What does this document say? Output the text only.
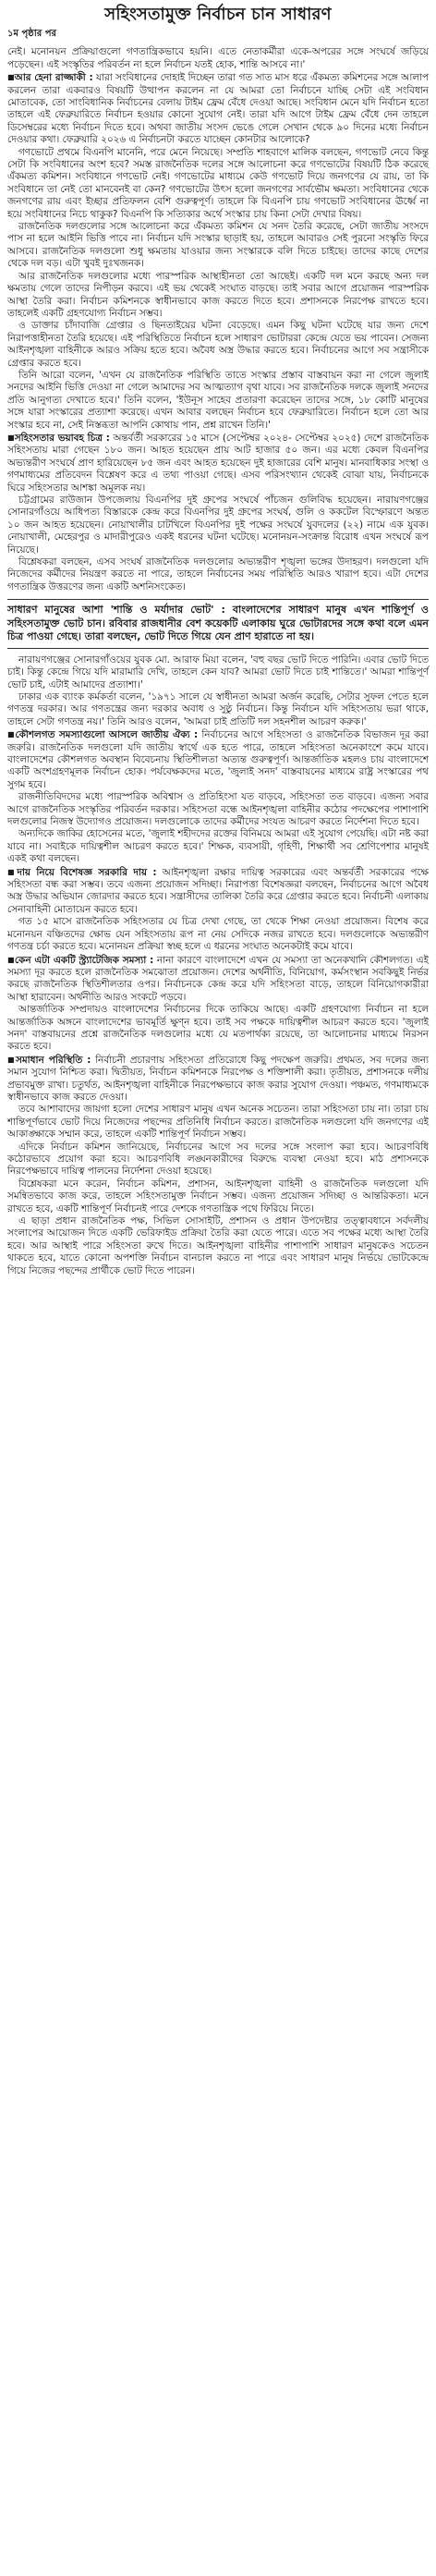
সহিংসতামুক্ত নির্বাচন চান সাধারণ
১ম পৃষ্ঠার পর

নেই। মনোনয়ন প্রক্রিয়াগুলো গণতান্ত্রিকভাবে হয়নি। এতে নেতাকর্মীরা একে-অপরের সঙ্গে সংঘর্ষে জড়িয়ে পড়েছেন। এই সংস্কৃতির পরিবর্তন না হলে নির্বাচন যতই হোক, শান্তি আসবে না।'

■ আর হেনা রাজ্জাকী : যারা সংবিধানের দোহাই দিচ্ছেন তারা গত সাত মাস ধরে এঁকমত্য কমিশনের সঙ্গে আলাপ করলেন তারা একবারও বিষয়টি উত্থাপন করলেন না যে আমরা তো নির্বাচনে যাচ্ছি সেটা এই সংবিধান মোতাবেক, তো সাংবিধানিক নির্বাচনের বেলায় টাইম ফ্রেম বেঁধে দেওয়া আছে। সংবিধান মেনে যদি নির্বাচন হতো তাহলে এই ফেব্রুয়ারিতে নির্বাচন হওয়ার কোনো সুযোগ নেই। তারা যদি আগে টাইম ফ্রেম বেঁধে দেন তাহলে ডিসেম্বরের মধ্যে নির্বাচন দিতে হবে। অথবা জাতীয় সংসদ ভেঙে গেলে সেখান থেকে ৯০ দিনের মধ্যে নির্বাচন দেওয়ার কথা। ফেব্রুয়ারি ২০২৬ এ নির্বাচনটা করতে যাচ্ছেন কোনটার আলোকে?

গণভোটে প্রথমে বিএনপি মানেনি, পরে মেনে নিয়েছে। সম্প্রতি শাহবাগে মালিক বলছেন, গণভোট নেবে কিন্তু সেটা কি সংবিধানের অংশ হবে? সমস্ত রাজনৈতিক দলের সঙ্গে আলোচনা করে গণভোটের বিষয়টি ঠিক করেছে এঁকমত্য কমিশন। সংবিধানে গণভোট নেই। গণভোটের মাধ্যমে কেউ গণভোট দিয়ে জনগণের যে রায়, তা কি সংবিধানে তা নেই তো মানবেনই বা কেন? গণভোটের উৎস হলো জনগণের সার্বভৌম ক্ষমতা। সংবিধানের থেকে জনগণের রায় এবং ইচ্ছার প্রতিফলন বেশি গুরুত্বপূর্ণ। তাহলে কি বিএনপি চায় গণভোট সংবিধানের ঊর্ধ্বে না হয়ে সংবিধানের নিচে থাকুক? বিএনপি কি সত্যিকার অর্থে সংস্কার চায় কিনা সেটা দেখার বিষয়।

রাজনৈতিক দলগুলোর সঙ্গে আলোচনা করে এঁকমত্য কমিশন যে সনদ তৈরি করেছে, সেটা জাতীয় সংসদে পাস না হলে আইনি ভিত্তি পাবে না। নির্বাচন যদি সংস্কার ছাড়াই হয়, তাহলে আবারও সেই পুরনো সংস্কৃতি ফিরে আসবে। রাজনৈতিক দলগুলো শুধু ক্ষমতায় যাওয়ার জন্য সংস্কারকে বলি দিতে চাইছে। তাদের কাছে দেশের থেকে দল বড়। এটা খুবই দুঃখজনক।

আর রাজনৈতিক দলগুলোর মধ্যে পারস্পরিক আস্থাহীনতা তো আছেই। একটি দল মনে করছে অন্য দল ক্ষমতায় গেলে তাদের নিপীড়ন করবে। এই ভয় থেকেই সংঘাত বাড়ছে। তাই সবার আগে প্রয়োজন পারস্পরিক আস্থা তৈরি করা। নির্বাচন কমিশনকে স্বাধীনভাবে কাজ করতে দিতে হবে। প্রশাসনকে নিরপেক্ষ রাখতে হবে। তাহলেই একটি গ্রহণযোগ্য নির্বাচন সম্ভব।

ও ডাক্তার চাঁদাবাজি গ্রেপ্তার ও ছিনতাইয়ের ঘটনা বেড়েছে। এমন কিছু ঘটনা ঘটেছে যার জন্য দেশে নিরাপত্তাহীনতা তৈরি হয়েছে। এই পরিস্থিতিতে নির্বাচন হলে সাধারণ ভোটাররা কেন্দ্রে যেতে ভয় পাবেন। সেজন্য আইনশৃঙ্খলা বাহিনীকে আরও সক্রিয় হতে হবে। অবৈধ অস্ত্র উদ্ধার করতে হবে। নির্বাচনের আগে সব সন্ত্রাসীকে গ্রেপ্তার করতে হবে।

তিনি আরো বলেন, 'এখন যে রাজনৈতিক পরিস্থিতি তাতে সংস্কার প্রস্তাব বাস্তবায়ন করা না গেলে জুলাই সনদের আইনি ভিত্তি দেওয়া না গেলে আমাদের সব আত্মত্যাগ বৃথা যাবে। সব রাজনৈতিক দলকে জুলাই সনদের প্রতি আনুগত্য দেখাতে হবে।' তিনি বলেন, 'ইউনূস সাহেব প্রতারণা করেছেন তাদের সঙ্গে, ১৮ কোটি মানুষের সঙ্গে যারা সংস্কারের প্রত্যাশা করেছে। এখন আবার বলছেন নির্বাচন হবে ফেব্রুয়ারিতে। নির্বাচন হলে তো আর সংস্কার হবে না, সেই নিস্তব্ধতা আপনি কোথায় পান, প্রশ্ন রাখেন তিনি।'

■ সহিংসতার ভয়াবহ চিত্র : অন্তর্বর্তী সরকারের ১৫ মাসে (সেপ্টেম্বর ২০২৪- সেপ্টেম্বর ২০২৫) দেশে রাজনৈতিক সহিংসতায় মারা গেছেন ১৮০ জন। আহত হয়েছেন প্রায় আট হাজার ৫০ জন। এর মধ্যে কেবল বিএনপির অভ্যন্তরীণ সংঘর্ষে প্রাণ হারিয়েছেন ৮৫ জন এবং আহত হয়েছেন দুই হাজারের বেশি মানুষ। মানবাধিকার সংস্থা ও গণমাধ্যমের প্রতিবেদন বিশ্লেষণ করে এ তথ্য পাওয়া গেছে। এসব পরিসংখ্যান থেকেই বোঝা যায়, নির্বাচনকে ঘিরে সহিংসতার আশঙ্কা অমূলক নয়।

চট্টগ্রামের রাউজান উপজেলায় বিএনপির দুই গ্রুপের সংঘর্ষে পাঁচজন গুলিবিদ্ধ হয়েছেন। নারায়ণগঞ্জের সোনারগাঁওয়ে আধিপত্য বিস্তারকে কেন্দ্র করে বিএনপির দুই গ্রুপের সংঘর্ষ, গুলি ও ককটেল বিস্ফোরণে অন্তত ১০ জন আহত হয়েছেন। নোয়াখালীর চাটখিলে বিএনপির দুই পক্ষের সংঘর্ষে যুবদলের (২২) নামে এক যুবক। নোয়াখালী, মেহেরপুর ও মাদারীপুরেও একই ধরনের ঘটনা ঘটেছে। মনোনয়ন-সংক্রান্ত বিরোধ এখন সংঘর্ষে রূপ নিয়েছে।

বিশ্লেষকরা বলছেন, এসব সংঘর্ষ রাজনৈতিক দলগুলোর অভ্যন্তরীণ শৃঙ্খলা ভঙ্গের উদাহরণ। দলগুলো যদি নিজেদের কর্মীদের নিয়ন্ত্রণ করতে না পারে, তাহলে নির্বাচনের সময় পরিস্থিতি আরও খারাপ হবে। এটা দেশের গণতান্ত্রিক উত্তরণের জন্য একটি অশনিসংকেত।

সাধারণ মানুষের আশা 'শান্তি ও মর্যাদার ভোট' : বাংলাদেশের সাধারণ মানুষ এখন শান্তিপূর্ণ ও সহিংসতামুক্ত ভোট চান। রবিবার রাজধানীর বেশ কয়েকটি এলাকায় ঘুরে ভোটারদের সঙ্গে কথা বলে এমন চিত্র পাওয়া গেছে। তারা বলছেন, ভোট দিতে গিয়ে যেন প্রাণ হারাতে না হয়।

নারায়ণগঞ্জের সোনারগাঁওয়ের যুবক মো. আরাফ মিয়া বলেন, 'বহু বছর ভোট দিতে পারিনি। এবার ভোট দিতে চাই। কিন্তু কেন্দ্রে গিয়ে যদি মারামারি দেখি, তাহলে কেন যাব? আমরা ভোট দিতে চাই শান্তিতে।' আমরা শান্তিপূর্ণ ভোট চাই, এটাই আমাদের প্রত্যাশা।'

ঢাকার এক ব্যাংক কর্মকর্তা বলেন, '১৯৭১ সালে যে স্বাধীনতা আমরা অর্জন করেছি, সেটার সুফল পেতে হলে গণতন্ত্র দরকার। আর গণতন্ত্রের জন্য দরকার অবাধ ও সুষ্ঠু নির্বাচন। কিন্তু নির্বাচন যদি সহিংসতায় ভরা থাকে, তাহলে সেটা গণতন্ত্র নয়।' তিনি আরও বলেন, 'আমরা চাই প্রতিটি দল সহনশীল আচরণ করুক।'

■ কৌশলগত সমস্যাগুলো আসলে জাতীয় ঐক্য : নির্বাচনের আগে সহিংসতা ও রাজনৈতিক বিভাজন দূর করা জরুরি। রাজনৈতিক দলগুলো যদি জাতীয় স্বার্থে এক হতে পারে, তাহলে সহিংসতা অনেকাংশে কমে যাবে। বাংলাদেশের কৌশলগত অবস্থান বিবেচনায় স্থিতিশীলতা অত্যন্ত গুরুত্বপূর্ণ। আন্তর্জাতিক মহলও চায় বাংলাদেশে একটি অংশগ্রহণমূলক নির্বাচন হোক। পর্যবেক্ষকদের মতে, 'জুলাই সনদ' বাস্তবায়নের মাধ্যমে রাষ্ট্র সংস্কারের পথ সুগম হবে।

রাজনীতিবিদদের মধ্যে পারস্পরিক অবিশ্বাস ও প্রতিহিংসা যত বাড়বে, সহিংসতা তত বাড়বে। এজন্য সবার আগে রাজনৈতিক সংস্কৃতির পরিবর্তন দরকার। সহিংসতা বন্ধে আইনশৃঙ্খলা বাহিনীর কঠোর পদক্ষেপের পাশাপাশি দলগুলোর নিজস্ব উদ্যোগও প্রয়োজন। দলগুলোকে তাদের কর্মীদের সংযত আচরণ করতে নির্দেশনা দিতে হবে।

অন্যদিকে জাকির হোসেনের মতে, 'জুলাই শহীদদের রক্তের বিনিময়ে আমরা এই সুযোগ পেয়েছি। এটা নষ্ট করা যাবে না। সবাইকে দায়িত্বশীল আচরণ করতে হবে।' শিক্ষক, ব্যবসায়ী, গৃহিণী, শিক্ষার্থী সব শ্রেণিপেশার মানুষই একই কথা বলছেন।

■ দায় নিয়ে বিশেষজ্ঞ সরকারি দায় : আইনশৃঙ্খলা রক্ষার দায়িত্ব সরকারের এবং অন্তর্বর্তী সরকারের পক্ষে সহিংসতা বন্ধ করা সম্ভব। তবে এজন্য প্রয়োজন সদিচ্ছা। নিরাপত্তা বিশেষজ্ঞরা বলছেন, নির্বাচনের আগে অবৈধ অস্ত্র উদ্ধার অভিযান জোরদার করতে হবে। সন্ত্রাসীদের তালিকা তৈরি করে গ্রেপ্তার করতে হবে। নির্বাচনী এলাকায় সেনাবাহিনী মোতায়েন করতে হবে।

গত ১৫ মাসে রাজনৈতিক সহিংসতার যে চিত্র দেখা গেছে, তা থেকে শিক্ষা নেওয়া প্রয়োজন। বিশেষ করে মনোনয়ন বঞ্চিতদের ক্ষোভ যেন সহিংসতায় রূপ না নেয় সেদিকে নজর রাখতে হবে। দলগুলোকে অভ্যন্তরীণ গণতন্ত্র চর্চা করতে হবে। মনোনয়ন প্রক্রিয়া স্বচ্ছ হলে এ ধরনের সংঘাত অনেকটাই কমে যাবে।

■ কেন এটা একটি স্ট্র্যাটেজিক সমস্যা : নানা কারণে বাংলাদেশে এখন যে সমস্যা তা অনেকখানি কৌশলগত। এই সমস্যা দূর করতে হলে রাজনৈতিক সমঝোতা প্রয়োজন। দেশের অর্থনীতি, বিনিয়োগ, কর্মসংস্থান সবকিছুই নির্ভর করছে রাজনৈতিক স্থিতিশীলতার ওপর। নির্বাচনকে কেন্দ্র করে যদি সহিংসতা বাড়ে, তাহলে বিনিয়োগকারীরা আস্থা হারাবেন। অর্থনীতি আরও সংকটে পড়বে।

আন্তর্জাতিক সম্প্রদায়ও বাংলাদেশের নির্বাচনের দিকে তাকিয়ে আছে। একটি গ্রহণযোগ্য নির্বাচন না হলে আন্তর্জাতিক অঙ্গনে বাংলাদেশের ভাবমূর্তি ক্ষুণ্ন হবে। তাই সব পক্ষকে দায়িত্বশীল আচরণ করতে হবে। 'জুলাই সনদ' বাস্তবায়নের প্রশ্নে রাজনৈতিক দলগুলোর মধ্যে যে মতপার্থক্য রয়েছে, তা আলোচনার মাধ্যমে নিরসন করতে হবে।

■ সমাধান পরিস্থিতি : নির্বাচনী প্রচারণায় সহিংসতা প্রতিরোধে কিছু পদক্ষেপ জরুরি। প্রথমত, সব দলের জন্য সমান সুযোগ নিশ্চিত করা। দ্বিতীয়ত, নির্বাচন কমিশনকে নিরপেক্ষ ও শক্তিশালী করা। তৃতীয়ত, প্রশাসনকে দলীয় প্রভাবমুক্ত রাখা। চতুর্থত, আইনশৃঙ্খলা বাহিনীকে নিরপেক্ষভাবে কাজ করার সুযোগ দেওয়া। পঞ্চমত, গণমাধ্যমকে স্বাধীনভাবে কাজ করতে দেওয়া।

তবে আশাবাদের জায়গা হলো দেশের সাধারণ মানুষ এখন অনেক সচেতন। তারা সহিংসতা চায় না। তারা চায় শান্তিপূর্ণভাবে ভোট দিয়ে নিজেদের পছন্দের প্রতিনিধি নির্বাচন করতে। রাজনৈতিক দলগুলো যদি জনগণের এই আকাঙ্ক্ষাকে সম্মান করে, তাহলে একটি শান্তিপূর্ণ নির্বাচন সম্ভব।

এদিকে নির্বাচন কমিশন জানিয়েছে, নির্বাচনের আগে সব দলের সঙ্গে সংলাপ করা হবে। আচরণবিধি কঠোরভাবে প্রয়োগ করা হবে। আচরণবিধি লঙ্ঘনকারীদের বিরুদ্ধে ব্যবস্থা নেওয়া হবে। মাঠ প্রশাসনকে নিরপেক্ষভাবে দায়িত্ব পালনের নির্দেশনা দেওয়া হয়েছে।

বিশ্লেষকরা মনে করেন, নির্বাচন কমিশন, প্রশাসন, আইনশৃঙ্খলা বাহিনী ও রাজনৈতিক দলগুলো যদি সমন্বিতভাবে কাজ করে, তাহলে সহিংসতামুক্ত নির্বাচন সম্ভব। এজন্য প্রয়োজন সদিচ্ছা ও আন্তরিকতা। মনে রাখতে হবে, একটি শান্তিপূর্ণ নির্বাচনই পারে দেশকে গণতান্ত্রিক পথে ফিরিয়ে নিতে।

এ ছাড়া প্রধান রাজনৈতিক পক্ষ, সিভিল সোসাইটি, প্রশাসন ও প্রধান উপদেষ্টার তত্ত্বাবধানে সর্বদলীয় সংলাপের আয়োজন দিতে একটি ভেরিফাইড প্রক্রিয়া তৈরি করা যেতে পারে। এতে সব পক্ষের মধ্যে আস্থা তৈরি হবে। আর আস্থাই পারে সহিংসতা রুখে দিতে। আইনশৃঙ্খলা বাহিনীর পাশাপাশি সাধারণ মানুষকেও সচেতন থাকতে হবে, যাতে কোনো অপশক্তি নির্বাচন বানচাল করতে না পারে এবং সাধারণ মানুষ নির্ভয়ে ভোটকেন্দ্রে গিয়ে নিজের পছন্দের প্রার্থীকে ভোট দিতে পারেন।
